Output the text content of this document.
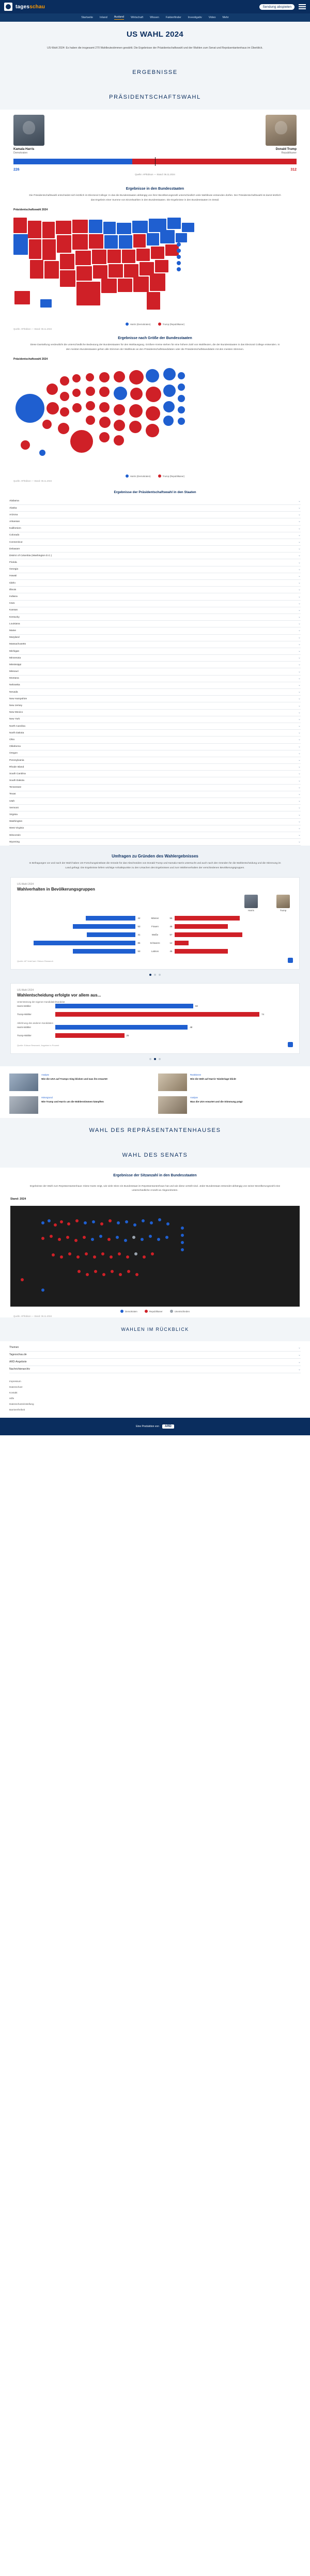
tagesschau	Sendung abspielen
Startseite Inland Ausland Wirtschaft Wissen Faktenfinder Investigativ Video Mehr
US WAHL 2024
US-Wahl 2024: Es haben die insgesamt 270 Wahlleutestimmen gewählt. Die Ergebnisse der Präsidentschaftswahl und der Wahlen zum Senat und Repräsentantenhaus im Überblick.
ERGEBNISSE
PRÄSIDENTSCHAFTSWAHL
Kamala Harris
Demokraten
Donald Trump
Republikaner
226	312
Quelle: AP/Edison — Stand: 06.11.2024
Ergebnisse in den Bundesstaaten
Die Präsidentschaftswahl entscheidet sich letztlich im Electoral College: In das die Bundesstaaten abhängig von ihrer Bevölkerungszahl unterschiedlich viele Wahlleute entsenden dürfen. Der Präsidentschaftswahl ist damit letztlich das Ergebnis einer Summe von Einzelwahlen in den Bundesstaaten. Die Ergebnisse in den Bundesstaaten im Detail.
Präsidentschaftswahl 2024
Harris (Demokraten)	Trump (Republikaner)
Quelle: AP/Edison — Stand: 06.11.2024
Ergebnisse nach Größe der Bundesstaaten
Diese Darstellung verdeutlicht die unterschiedliche Bedeutung der Bundesstaaten für den Wahlausgang. Größere Kreise stehen für eine höhere Zahl von Wahlleuten, die der Bundesstaaten in das Electoral College entsenden. In den meisten Bundesstaaten gehen alle Stimmen der Wahlleute an den Präsidentschaftskandidaten oder die Präsidentschaftskandidatin mit den meisten Stimmen.
Präsidentschaftswahl 2024
Harris (Demokraten)	Trump (Republikaner)
Quelle: AP/Edison — Stand: 06.11.2024
Ergebnisse der Präsidentschaftswahl in den Staaten
Alabama	⌄
Alaska	⌄
Arizona	⌄
Arkansas	⌄
Kalifornien	⌄
Colorado	⌄
Connecticut	⌄
Delaware	⌄
District of Columbia (Washington D.C.)	⌄
Florida	⌄
Georgia	⌄
Hawaii	⌄
Idaho	⌄
Illinois	⌄
Indiana	⌄
Iowa	⌄
Kansas	⌄
Kentucky	⌄
Louisiana	⌄
Maine	⌄
Maryland	⌄
Massachusetts	⌄
Michigan	⌄
Minnesota	⌄
Mississippi	⌄
Missouri	⌄
Montana	⌄
Nebraska	⌄
Nevada	⌄
New Hampshire	⌄
New Jersey	⌄
New Mexico	⌄
New York	⌄
North Carolina	⌄
North Dakota	⌄
Ohio	⌄
Oklahoma	⌄
Oregon	⌄
Pennsylvania	⌄
Rhode Island	⌄
South Carolina	⌄
South Dakota	⌄
Tennessee	⌄
Texas	⌄
Utah	⌄
Vermont	⌄
Virginia	⌄
Washington	⌄
West Virginia	⌄
Wisconsin	⌄
Wyoming	⌄
Umfragen zu Gründen des Wahlergebnisses
In Befragungen vor und nach der Wahl haben US-Forschungsinstitute die Gründe für das Abschneiden von Donald Trump und Kamala Harris untersucht und auch nach den Gründen für die Wahlentscheidung und die Stimmung im Land gefragt. Die Ergebnisse liefern wichtige Anhaltspunkte zu den Ursachen des Ergebnisses und zum Wählerverhalten der verschiedenen Bevölkerungsgruppen.
US-Wahl 2024
Wahlverhalten in Bevölkerungsgruppen
Harris	Trump
42	Männer	55
53	Frauen	45
41	Weiße	57
86	Schwarze	12
53	Latinos	45
Quelle: AP VoteCast / Edison Research
US-Wahl 2024
Wahlentscheidung erfolgte vor allem aus...
Unterstützung der eigenen Kandidatin/Kandidat
Harris-Wähler	50
Trump-Wähler	74
Ablehnung des anderen Kandidaten
Harris-Wähler	48
Trump-Wähler	25
Quelle: Edison Research, Angaben in Prozent
Analyse
Wie die USA auf Trumps Sieg blicken und was ihn erwartet
Reaktionen
Wie die Welt auf Harris' Niederlage blickt
Hintergrund
Wie Trump und Harris um die Wählerstimmen kämpften
Analyse
Was die USA erwartet und die Stimmung prägt
WAHL DES REPRÄSENTANTENHAUSES
WAHL DES SENATS
Ergebnisse der Sitzanzahl in den Bundesstaaten
Ergebnisse der Wahl zum Repräsentantenhaus: Diese Karte zeigt, wie viele Sitze ein Bundesstaat im Repräsentantenhaus hat und wie diese verteilt sind. Jeder Bundesstaat entsendet abhängig von seiner Bevölkerungszahl eine unterschiedliche Anzahl an Abgeordneten.
Stand: 2024
Demokraten	Republikaner	Unentschieden
Quelle: AP/Edison — Stand: 06.11.2024
WAHLEN IM RÜCKBLICK
Themen	⌄
Tagesschau.de	⌄
ARD-Angebote	⌄
Nachrichtenarchiv	⌄
Impressum
Datenschutz
Kontakt
Hilfe
Datenschutzeinstellung
Barrierefreiheit
Eine Produktion von	ARD
